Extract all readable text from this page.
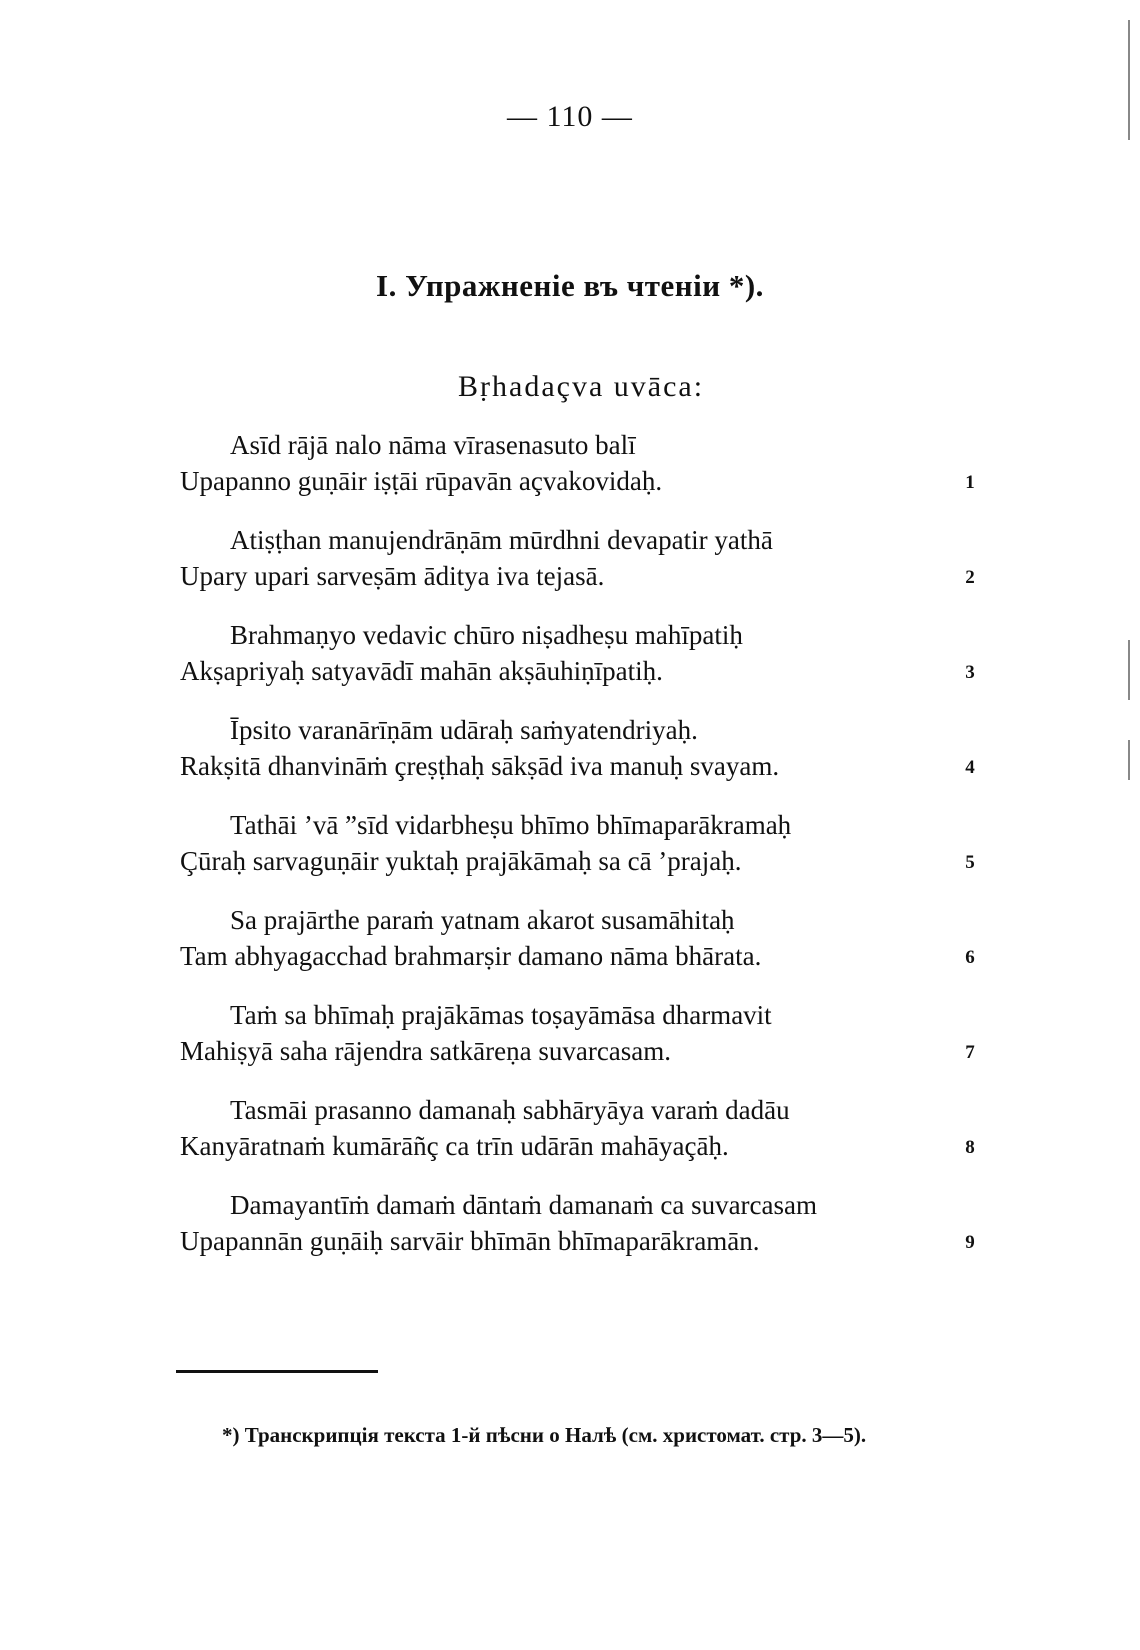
— 110 —
I. Упражненіе въ чтеніи *).
Bṛhadaçva uvāca:
Asīd rājā nalo nāma vīrasenasuto balī
Upapanno guṇāir iṣṭāi rūpavān açvakovidaḥ.	1
Atiṣṭhan manujendrāṇām mūrdhni devapatir yathā
Upary upari sarveṣām āditya iva tejasā.	2
Brahmaṇyo vedavic chūro niṣadheṣu mahīpatiḥ
Akṣapriyaḥ satyavādī mahān akṣāuhiṇīpatiḥ.	3
Īpsito varanārīṇām udāraḥ saṁyatendriyaḥ.
Rakṣitā dhanvināṁ çreṣṭhaḥ sākṣād iva manuḥ svayam.	4
Tathāi ’vā ”sīd vidarbheṣu bhīmo bhīmaparākramaḥ
Çūraḥ sarvaguṇāir yuktaḥ prajākāmaḥ sa cā ’prajaḥ.	5
Sa prajārthe paraṁ yatnam akarot susamāhitaḥ
Tam abhyagacchad brahmarṣir damano nāma bhārata.	6
Taṁ sa bhīmaḥ prajākāmas toṣayāmāsa dharmavit
Mahiṣyā saha rājendra satkāreṇa suvarcasam.	7
Tasmāi prasanno damanaḥ sabhāryāya varaṁ dadāu
Kanyāratnaṁ kumārāñç ca trīn udārān mahāyaçāḥ.	8
Damayantīṁ damaṁ dāntaṁ damanaṁ ca suvarcasam
Upapannān guṇāiḥ sarvāir bhīmān bhīmaparākramān.	9
*) Транскрипція текста 1-й пѣсни о Налѣ (см. христомат. стр. 3—5).
